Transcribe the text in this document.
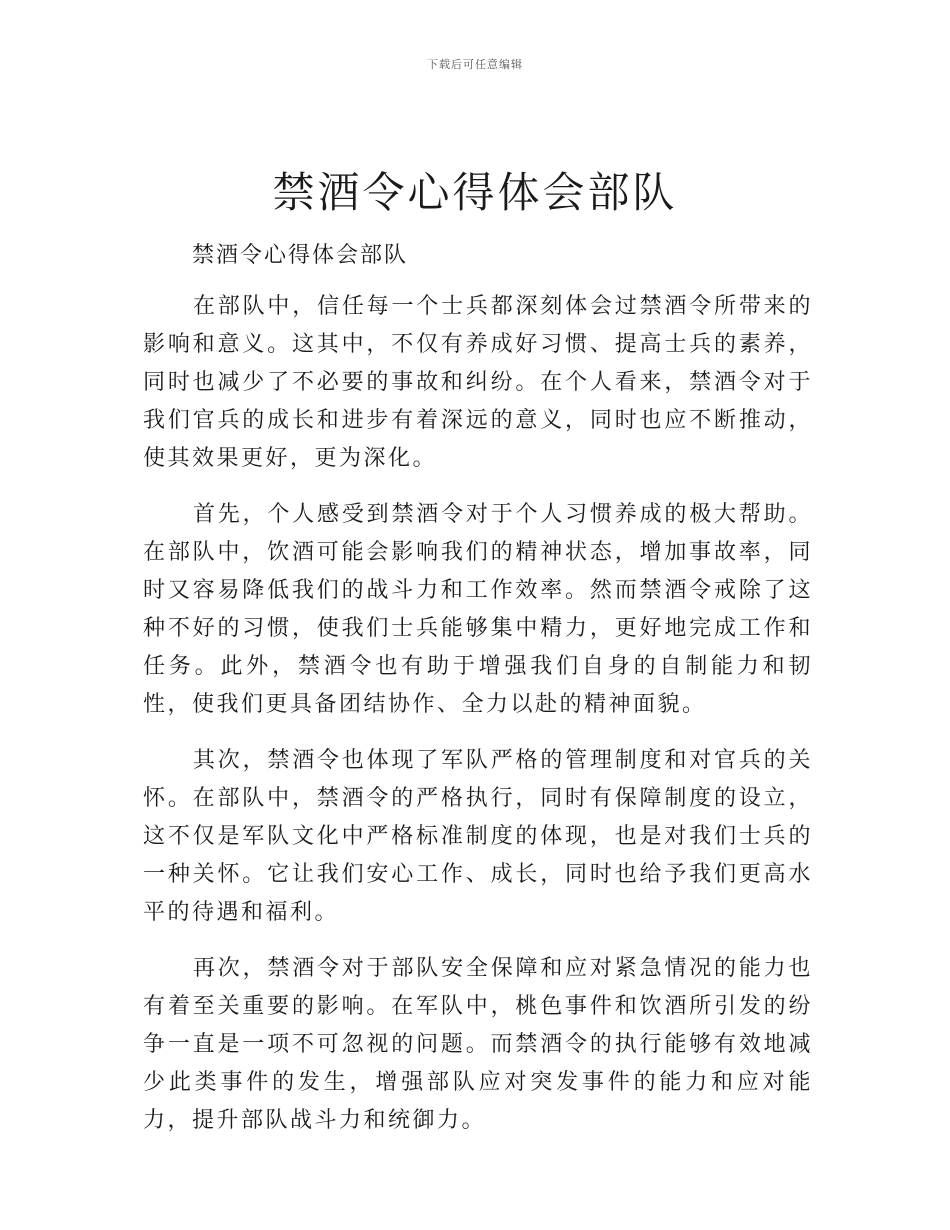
下载后可任意编辑
禁酒令心得体会部队

禁酒令心得体会部队

在部队中，信任每一个士兵都深刻体会过禁酒令所带来的影响和意义。这其中，不仅有养成好习惯、提高士兵的素养，同时也减少了不必要的事故和纠纷。在个人看来，禁酒令对于我们官兵的成长和进步有着深远的意义，同时也应不断推动，使其效果更好，更为深化。

首先，个人感受到禁酒令对于个人习惯养成的极大帮助。在部队中，饮酒可能会影响我们的精神状态，增加事故率，同时又容易降低我们的战斗力和工作效率。然而禁酒令戒除了这种不好的习惯，使我们士兵能够集中精力，更好地完成工作和任务。此外，禁酒令也有助于增强我们自身的自制能力和韧性，使我们更具备团结协作、全力以赴的精神面貌。

其次，禁酒令也体现了军队严格的管理制度和对官兵的关怀。在部队中，禁酒令的严格执行，同时有保障制度的设立，这不仅是军队文化中严格标准制度的体现，也是对我们士兵的一种关怀。它让我们安心工作、成长，同时也给予我们更高水平的待遇和福利。

再次，禁酒令对于部队安全保障和应对紧急情况的能力也有着至关重要的影响。在军队中，桃色事件和饮酒所引发的纷争一直是一项不可忽视的问题。而禁酒令的执行能够有效地减少此类事件的发生，增强部队应对突发事件的能力和应对能力，提升部队战斗力和统御力。
